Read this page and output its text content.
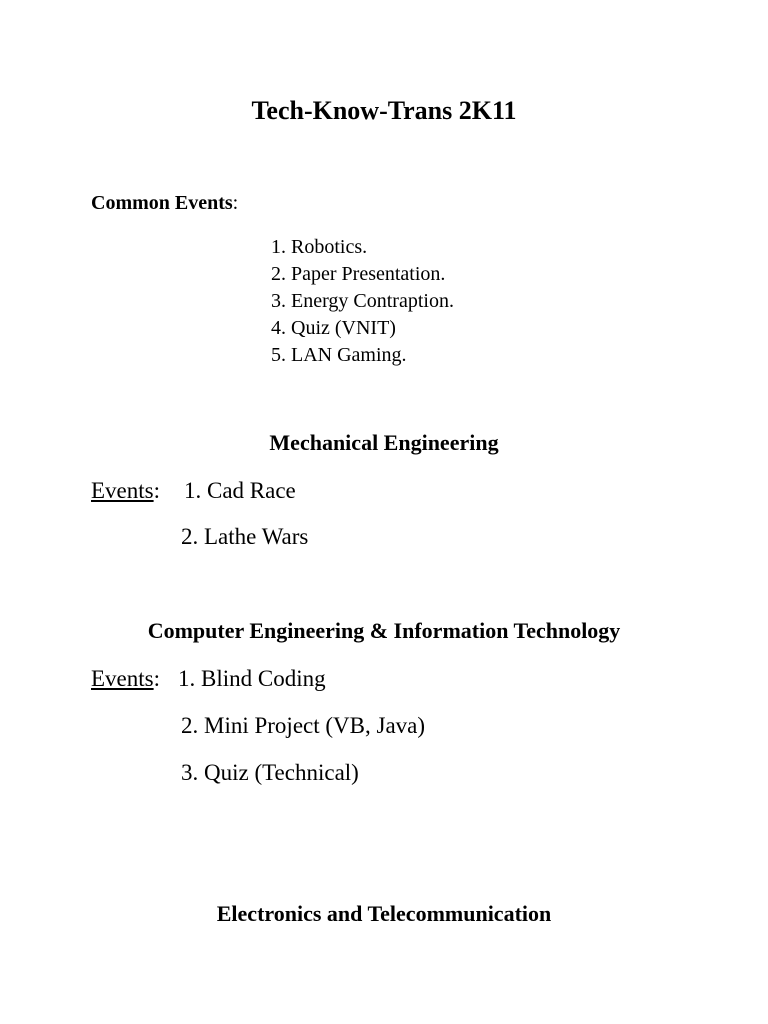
Tech-Know-Trans 2K11
Common Events:
1. Robotics.
2. Paper Presentation.
3. Energy Contraption.
4. Quiz (VNIT)
5. LAN Gaming.
Mechanical Engineering
Events: 1. Cad Race
2. Lathe Wars
Computer Engineering & Information Technology
Events: 1. Blind Coding
2. Mini Project (VB, Java)
3. Quiz (Technical)
Electronics and Telecommunication
